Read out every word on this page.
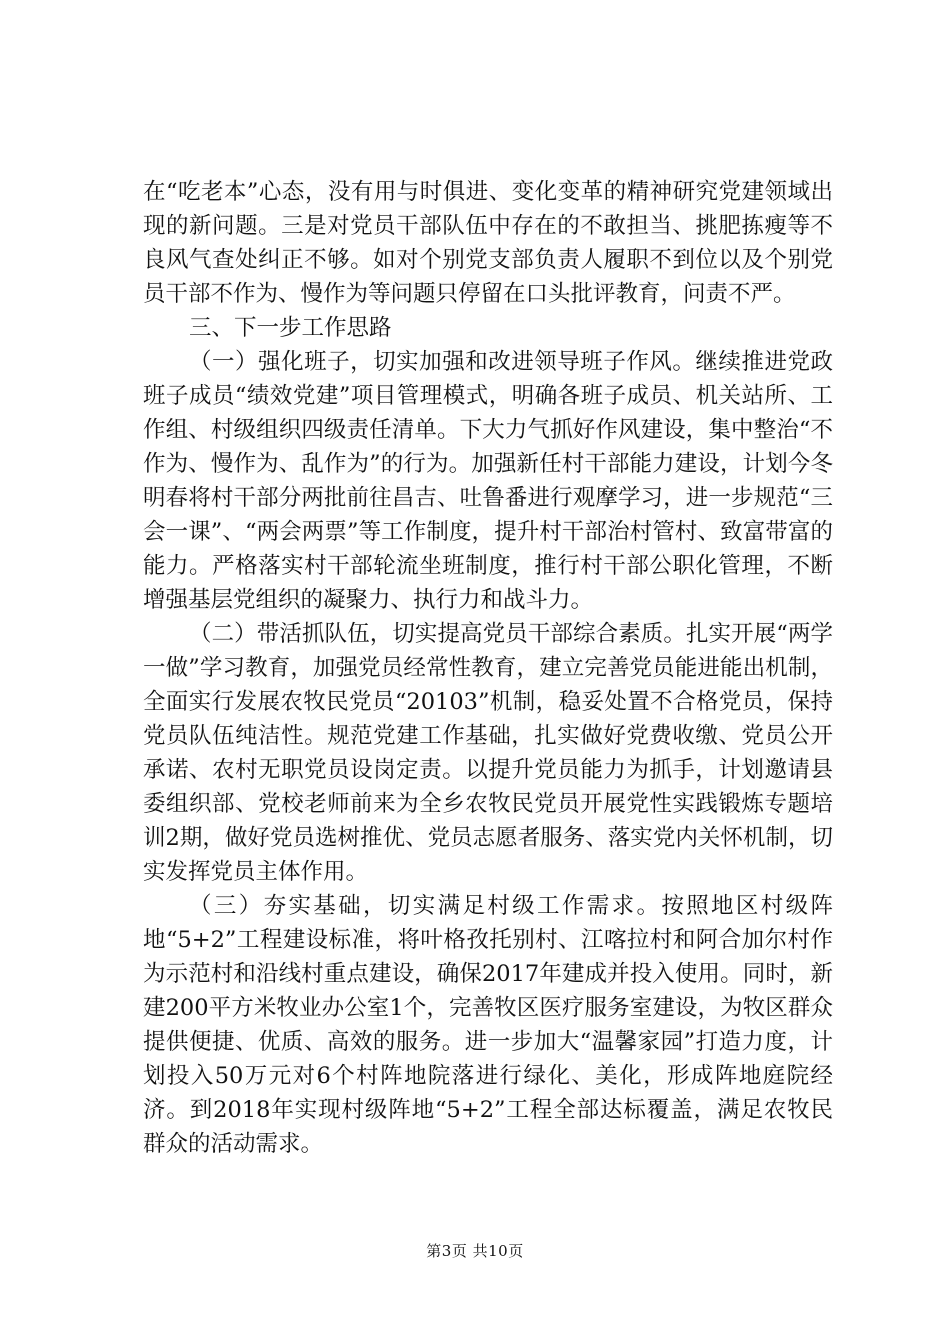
在“吃老本”心态，没有用与时俱进、变化变革的精神研究党建领域出现的新问题。三是对党员干部队伍中存在的不敢担当、挑肥拣瘦等不良风气查处纠正不够。如对个别党支部负责人履职不到位以及个别党员干部不作为、慢作为等问题只停留在口头批评教育，问责不严。

三、下一步工作思路

（一）强化班子，切实加强和改进领导班子作风。继续推进党政班子成员“绩效党建”项目管理模式，明确各班子成员、机关站所、工作组、村级组织四级责任清单。下大力气抓好作风建设，集中整治“不作为、慢作为、乱作为”的行为。加强新任村干部能力建设，计划今冬明春将村干部分两批前往昌吉、吐鲁番进行观摩学习，进一步规范“三会一课”、“两会两票”等工作制度，提升村干部治村管村、致富带富的能力。严格落实村干部轮流坐班制度，推行村干部公职化管理，不断增强基层党组织的凝聚力、执行力和战斗力。

（二）带活抓队伍，切实提高党员干部综合素质。扎实开展“两学一做”学习教育，加强党员经常性教育，建立完善党员能进能出机制，全面实行发展农牧民党员“20103”机制，稳妥处置不合格党员，保持党员队伍纯洁性。规范党建工作基础，扎实做好党费收缴、党员公开承诺、农村无职党员设岗定责。以提升党员能力为抓手，计划邀请县委组织部、党校老师前来为全乡农牧民党员开展党性实践锻炼专题培训2期，做好党员选树推优、党员志愿者服务、落实党内关怀机制，切实发挥党员主体作用。

（三）夯实基础，切实满足村级工作需求。按照地区村级阵地“5+2”工程建设标准，将叶格孜托别村、江喀拉村和阿合加尔村作为示范村和沿线村重点建设，确保2017年建成并投入使用。同时，新建200平方米牧业办公室1个，完善牧区医疗服务室建设，为牧区群众提供便捷、优质、高效的服务。进一步加大“温馨家园”打造力度，计划投入50万元对6个村阵地院落进行绿化、美化，形成阵地庭院经济。到2018年实现村级阵地“5+2”工程全部达标覆盖，满足农牧民群众的活动需求。

第3页 共10页
